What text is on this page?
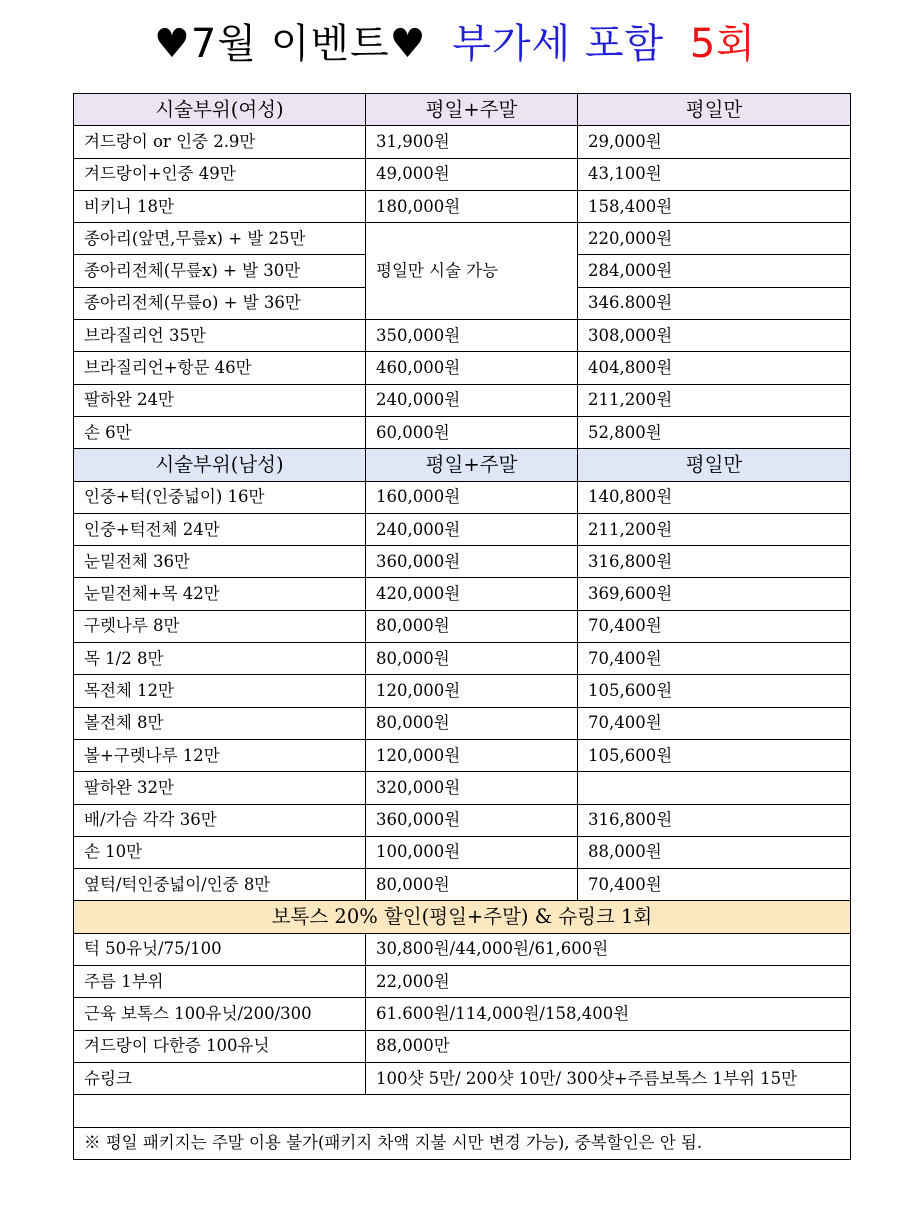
♥7월 이벤트♥ 부가세 포함 5회
시술부위(여성)	평일+주말	평일만
겨드랑이 or 인중 2.9만	31,900원	29,000원
겨드랑이+인중 49만	49,000원	43,100원
비키니 18만	180,000원	158,400원
종아리(앞면,무릎x) + 발 25만	평일만 시술 가능	220,000원
종아리전체(무릎x) + 발 30만		284,000원
종아리전체(무릎o) + 발 36만		346.800원
브라질리언 35만	350,000원	308,000원
브라질리언+항문 46만	460,000원	404,800원
팔하완 24만	240,000원	211,200원
손 6만	60,000원	52,800원
시술부위(남성)	평일+주말	평일만
인중+턱(인중넓이) 16만	160,000원	140,800원
인중+턱전체 24만	240,000원	211,200원
눈밑전체 36만	360,000원	316,800원
눈밑전체+목 42만	420,000원	369,600원
구렛나루 8만	80,000원	70,400원
목 1/2 8만	80,000원	70,400원
목전체 12만	120,000원	105,600원
볼전체 8만	80,000원	70,400원
볼+구렛나루 12만	120,000원	105,600원
팔하완 32만	320,000원	
배/가슴 각각 36만	360,000원	316,800원
손 10만	100,000원	88,000원
옆턱/턱인중넓이/인중 8만	80,000원	70,400원
보톡스 20% 할인(평일+주말) & 슈링크 1회		
턱 50유닛/75/100	30,800원/44,000원/61,600원	
주름 1부위	22,000원	
근육 보톡스 100유닛/200/300	61.600원/114,000원/158,400원	
겨드랑이 다한증 100유닛	88,000만	
슈링크	100샷 5만/ 200샷 10만/ 300샷+주름보톡스 1부위 15만	

※ 평일 패키지는 주말 이용 불가(패키지 차액 지불 시만 변경 가능), 중복할인은 안 됨.		
